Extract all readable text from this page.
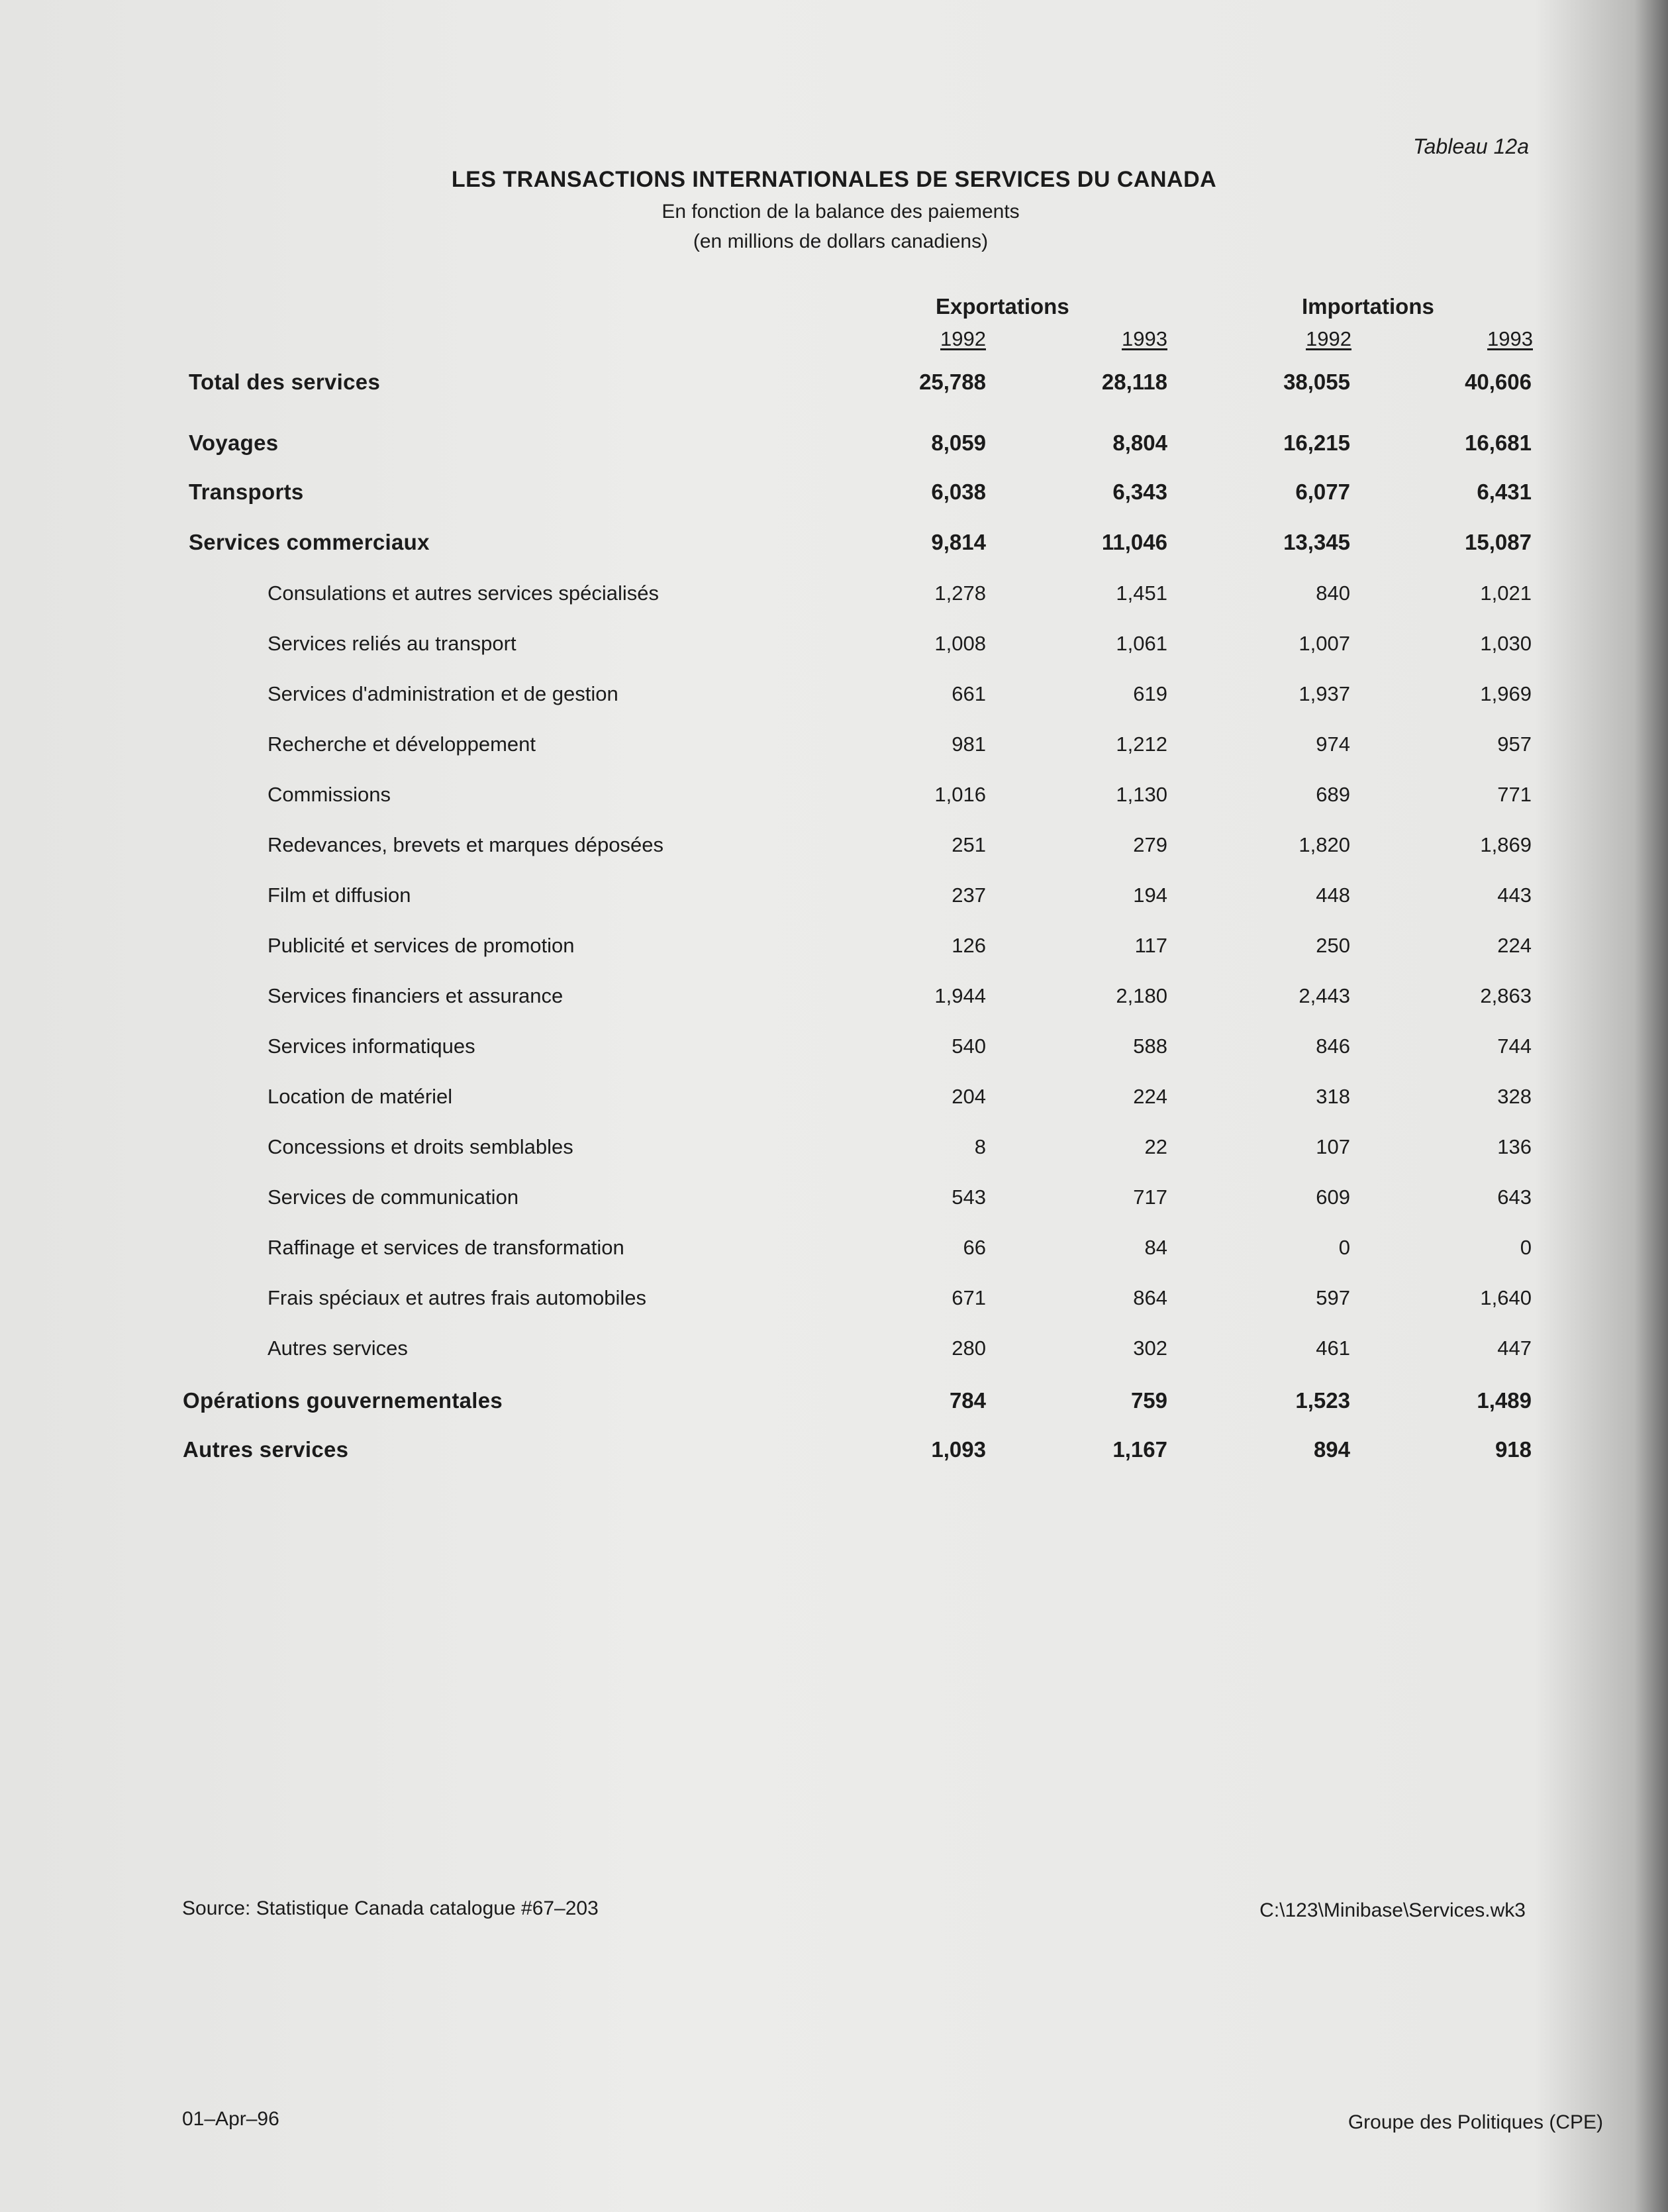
Tableau 12a
LES TRANSACTIONS INTERNATIONALES DE SERVICES DU CANADA
En fonction de la balance des paiements
(en millions de dollars canadiens)
Exportations	Importations
1992	1993	1992	1993
Total des services	25,788	28,118	38,055	40,606
Voyages	8,059	8,804	16,215	16,681
Transports	6,038	6,343	6,077	6,431
Services commerciaux	9,814	11,046	13,345	15,087
Consulations et autres services spécialisés	1,278	1,451	840	1,021
Services reliés au transport	1,008	1,061	1,007	1,030
Services d'administration et de gestion	661	619	1,937	1,969
Recherche et développement	981	1,212	974	957
Commissions	1,016	1,130	689	771
Redevances, brevets et marques déposées	251	279	1,820	1,869
Film et diffusion	237	194	448	443
Publicité et services de promotion	126	117	250	224
Services financiers et assurance	1,944	2,180	2,443	2,863
Services informatiques	540	588	846	744
Location de matériel	204	224	318	328
Concessions et droits semblables	8	22	107	136
Services de communication	543	717	609	643
Raffinage et services de transformation	66	84	0	0
Frais spéciaux et autres frais automobiles	671	864	597	1,640
Autres services	280	302	461	447
Opérations gouvernementales	784	759	1,523	1,489
Autres services	1,093	1,167	894	918
Source: Statistique Canada catalogue #67–203	C:\123\Minibase\Services.wk3
01–Apr–96	Groupe des Politiques (CPE)
